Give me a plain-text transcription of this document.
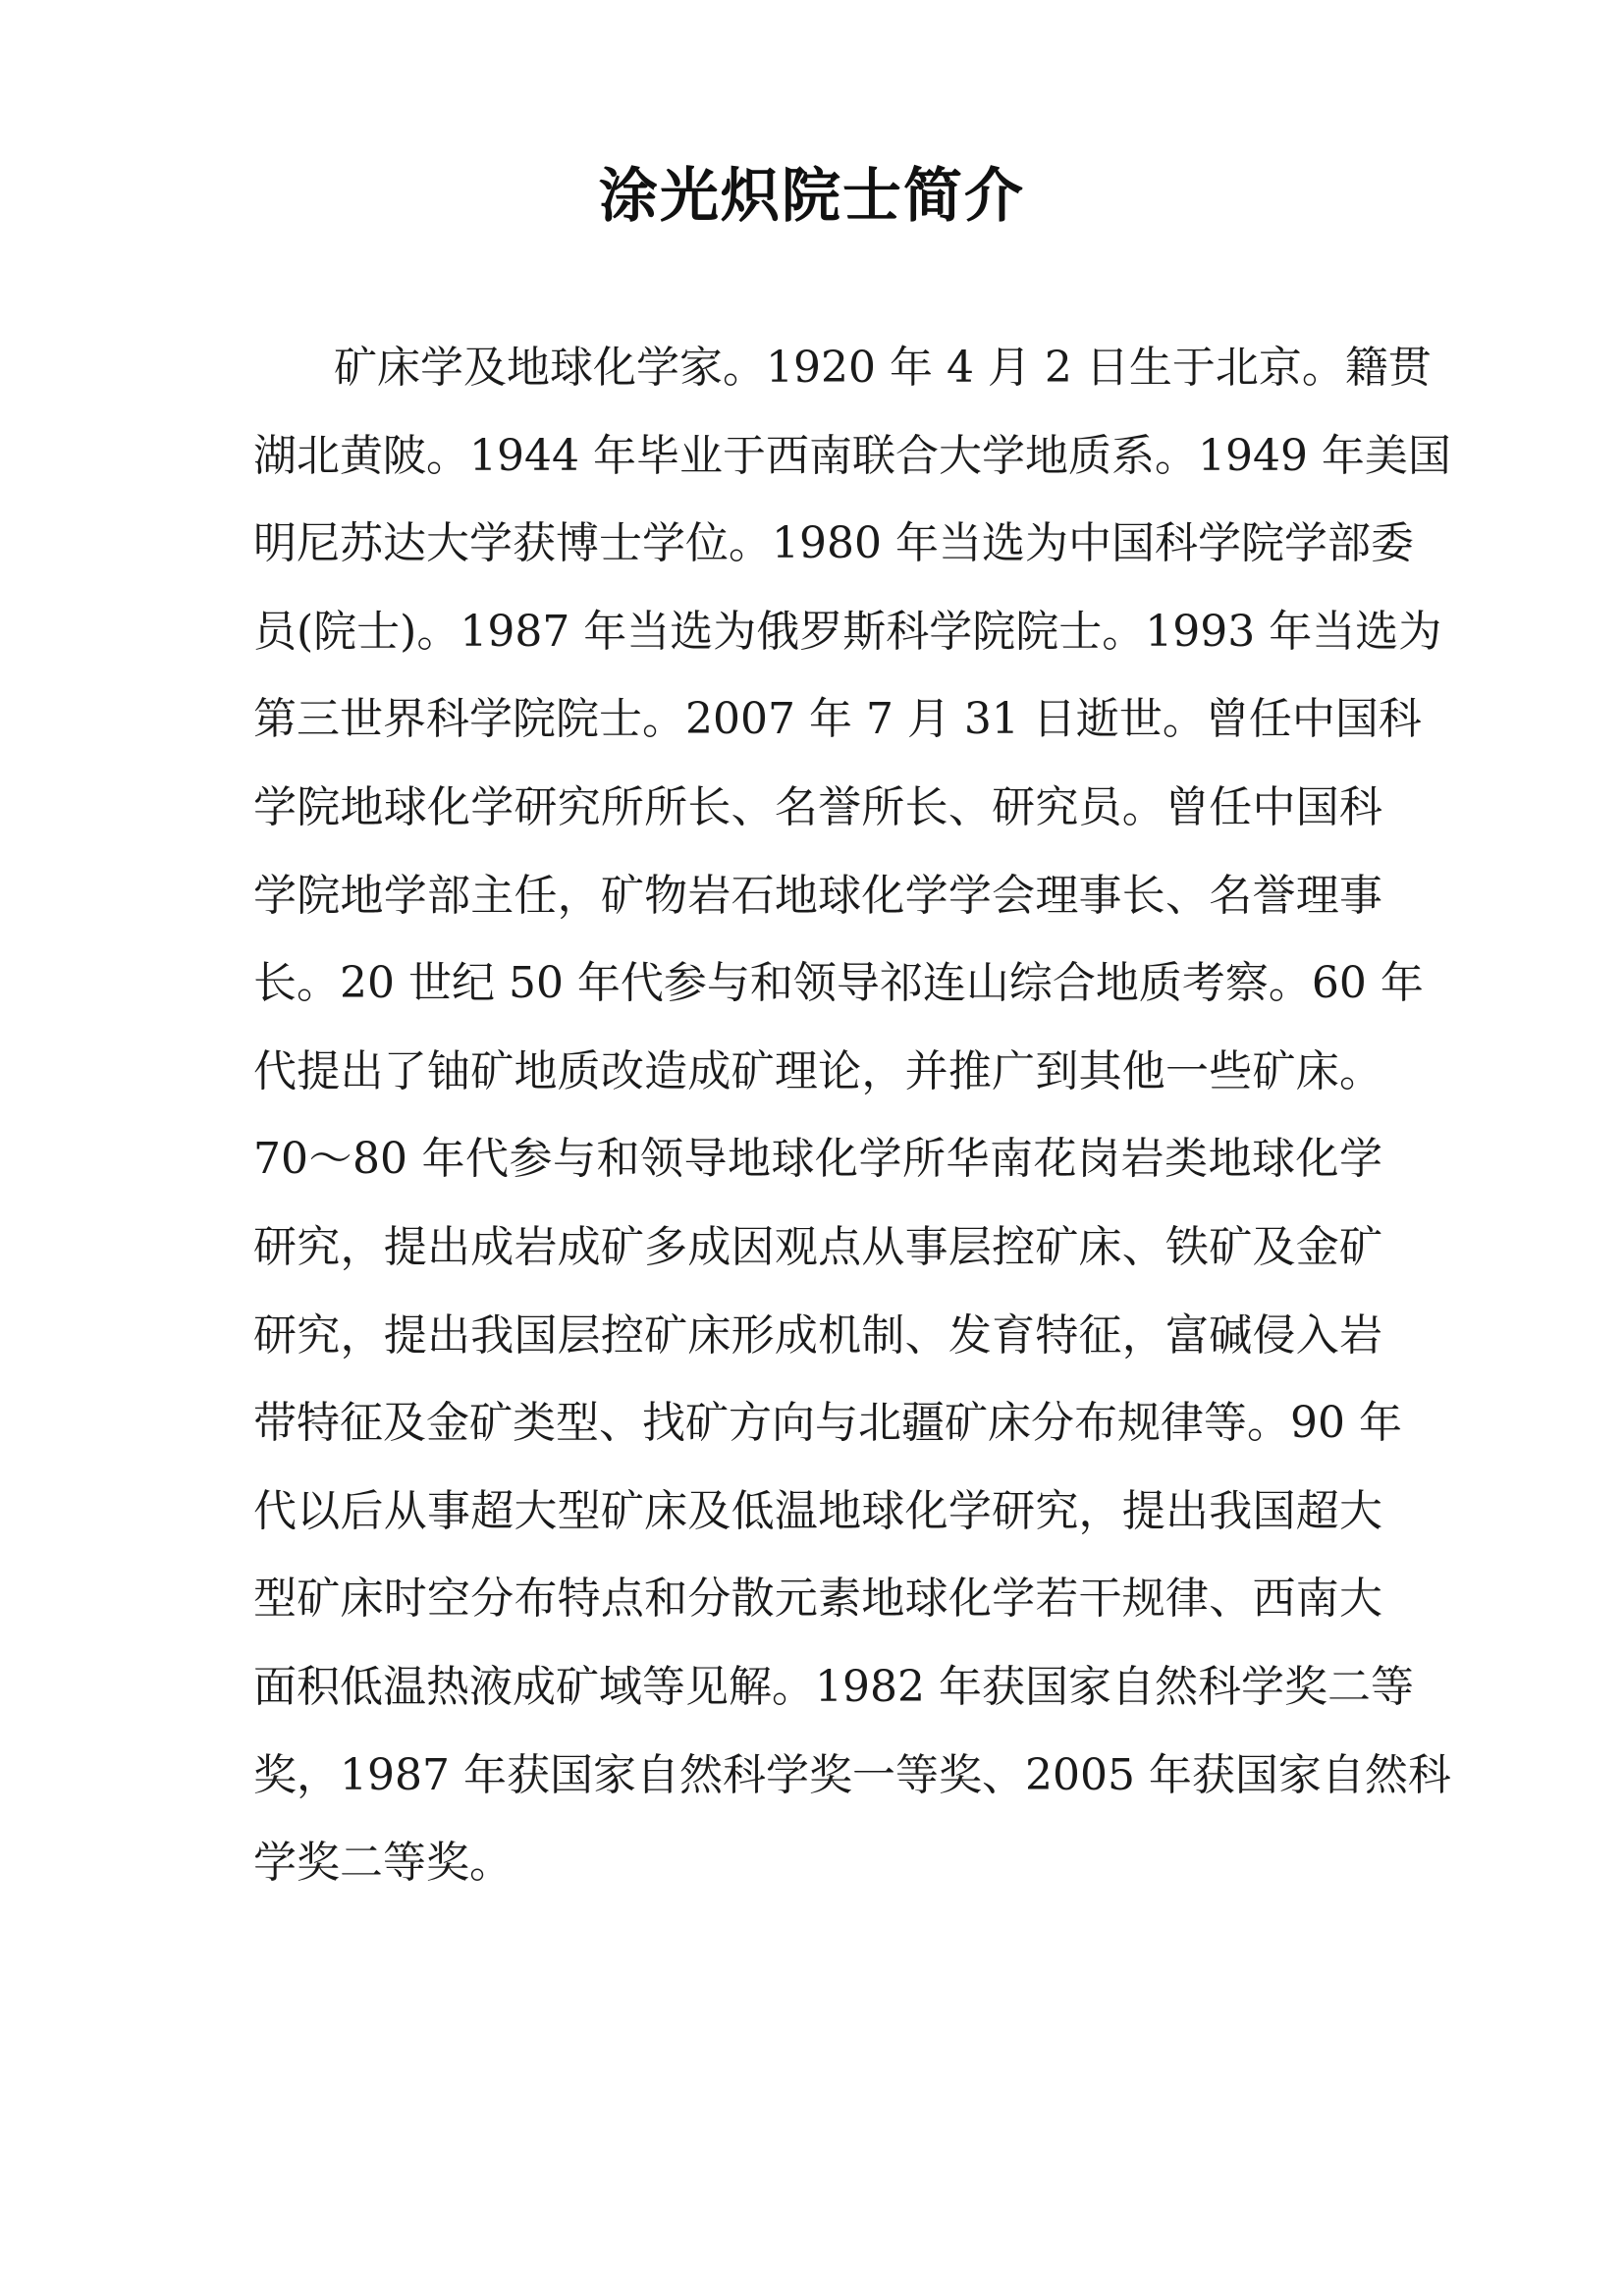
涂光炽院士简介
矿床学及地球化学家。1920 年 4 月 2 日生于北京。籍贯
湖北黄陂。1944 年毕业于西南联合大学地质系。1949 年美国
明尼苏达大学获博士学位。1980 年当选为中国科学院学部委
员(院士)。1987 年当选为俄罗斯科学院院士。1993 年当选为
第三世界科学院院士。2007 年 7 月 31 日逝世。曾任中国科
学院地球化学研究所所长、名誉所长、研究员。曾任中国科
学院地学部主任，矿物岩石地球化学学会理事长、名誉理事
长。20 世纪 50 年代参与和领导祁连山综合地质考察。60 年
代提出了铀矿地质改造成矿理论，并推广到其他一些矿床。
70～80 年代参与和领导地球化学所华南花岗岩类地球化学
研究，提出成岩成矿多成因观点从事层控矿床、铁矿及金矿
研究，提出我国层控矿床形成机制、发育特征，富碱侵入岩
带特征及金矿类型、找矿方向与北疆矿床分布规律等。90 年
代以后从事超大型矿床及低温地球化学研究，提出我国超大
型矿床时空分布特点和分散元素地球化学若干规律、西南大
面积低温热液成矿域等见解。1982 年获国家自然科学奖二等
奖，1987 年获国家自然科学奖一等奖、2005 年获国家自然科
学奖二等奖。
